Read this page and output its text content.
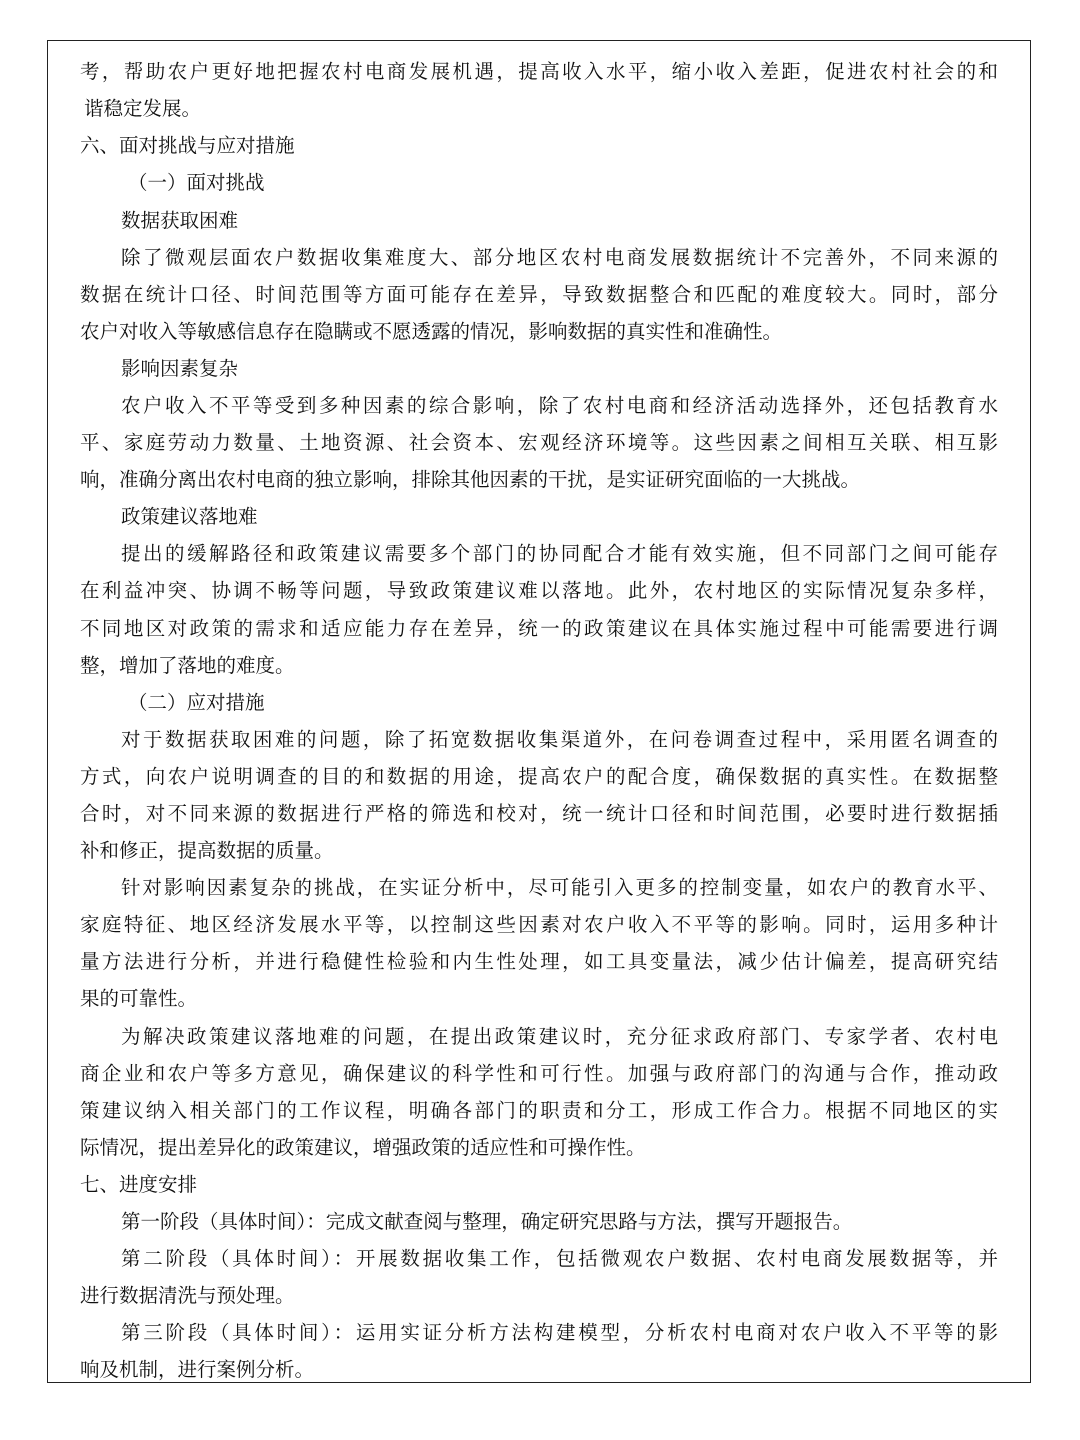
考，帮助农户更好地把握农村电商发展机遇，提高收入水平，缩小收入差距，促进农村社会的和
谐稳定发展。
六、面对挑战与应对措施
（一）面对挑战
数据获取困难
除了微观层面农户数据收集难度大、部分地区农村电商发展数据统计不完善外，不同来源的
数据在统计口径、时间范围等方面可能存在差异，导致数据整合和匹配的难度较大。同时，部分
农户对收入等敏感信息存在隐瞒或不愿透露的情况，影响数据的真实性和准确性。
影响因素复杂
农户收入不平等受到多种因素的综合影响，除了农村电商和经济活动选择外，还包括教育水
平、家庭劳动力数量、土地资源、社会资本、宏观经济环境等。这些因素之间相互关联、相互影
响，准确分离出农村电商的独立影响，排除其他因素的干扰，是实证研究面临的一大挑战。
政策建议落地难
提出的缓解路径和政策建议需要多个部门的协同配合才能有效实施，但不同部门之间可能存
在利益冲突、协调不畅等问题，导致政策建议难以落地。此外，农村地区的实际情况复杂多样，
不同地区对政策的需求和适应能力存在差异，统一的政策建议在具体实施过程中可能需要进行调
整，增加了落地的难度。
（二）应对措施
对于数据获取困难的问题，除了拓宽数据收集渠道外，在问卷调查过程中，采用匿名调查的
方式，向农户说明调查的目的和数据的用途，提高农户的配合度，确保数据的真实性。在数据整
合时，对不同来源的数据进行严格的筛选和校对，统一统计口径和时间范围，必要时进行数据插
补和修正，提高数据的质量。
针对影响因素复杂的挑战，在实证分析中，尽可能引入更多的控制变量，如农户的教育水平、
家庭特征、地区经济发展水平等，以控制这些因素对农户收入不平等的影响。同时，运用多种计
量方法进行分析，并进行稳健性检验和内生性处理，如工具变量法，减少估计偏差，提高研究结
果的可靠性。
为解决政策建议落地难的问题，在提出政策建议时，充分征求政府部门、专家学者、农村电
商企业和农户等多方意见，确保建议的科学性和可行性。加强与政府部门的沟通与合作，推动政
策建议纳入相关部门的工作议程，明确各部门的职责和分工，形成工作合力。根据不同地区的实
际情况，提出差异化的政策建议，增强政策的适应性和可操作性。
七、进度安排
第一阶段（具体时间）：完成文献查阅与整理，确定研究思路与方法，撰写开题报告。
第二阶段（具体时间）：开展数据收集工作，包括微观农户数据、农村电商发展数据等，并
进行数据清洗与预处理。
第三阶段（具体时间）：运用实证分析方法构建模型，分析农村电商对农户收入不平等的影
响及机制，进行案例分析。
